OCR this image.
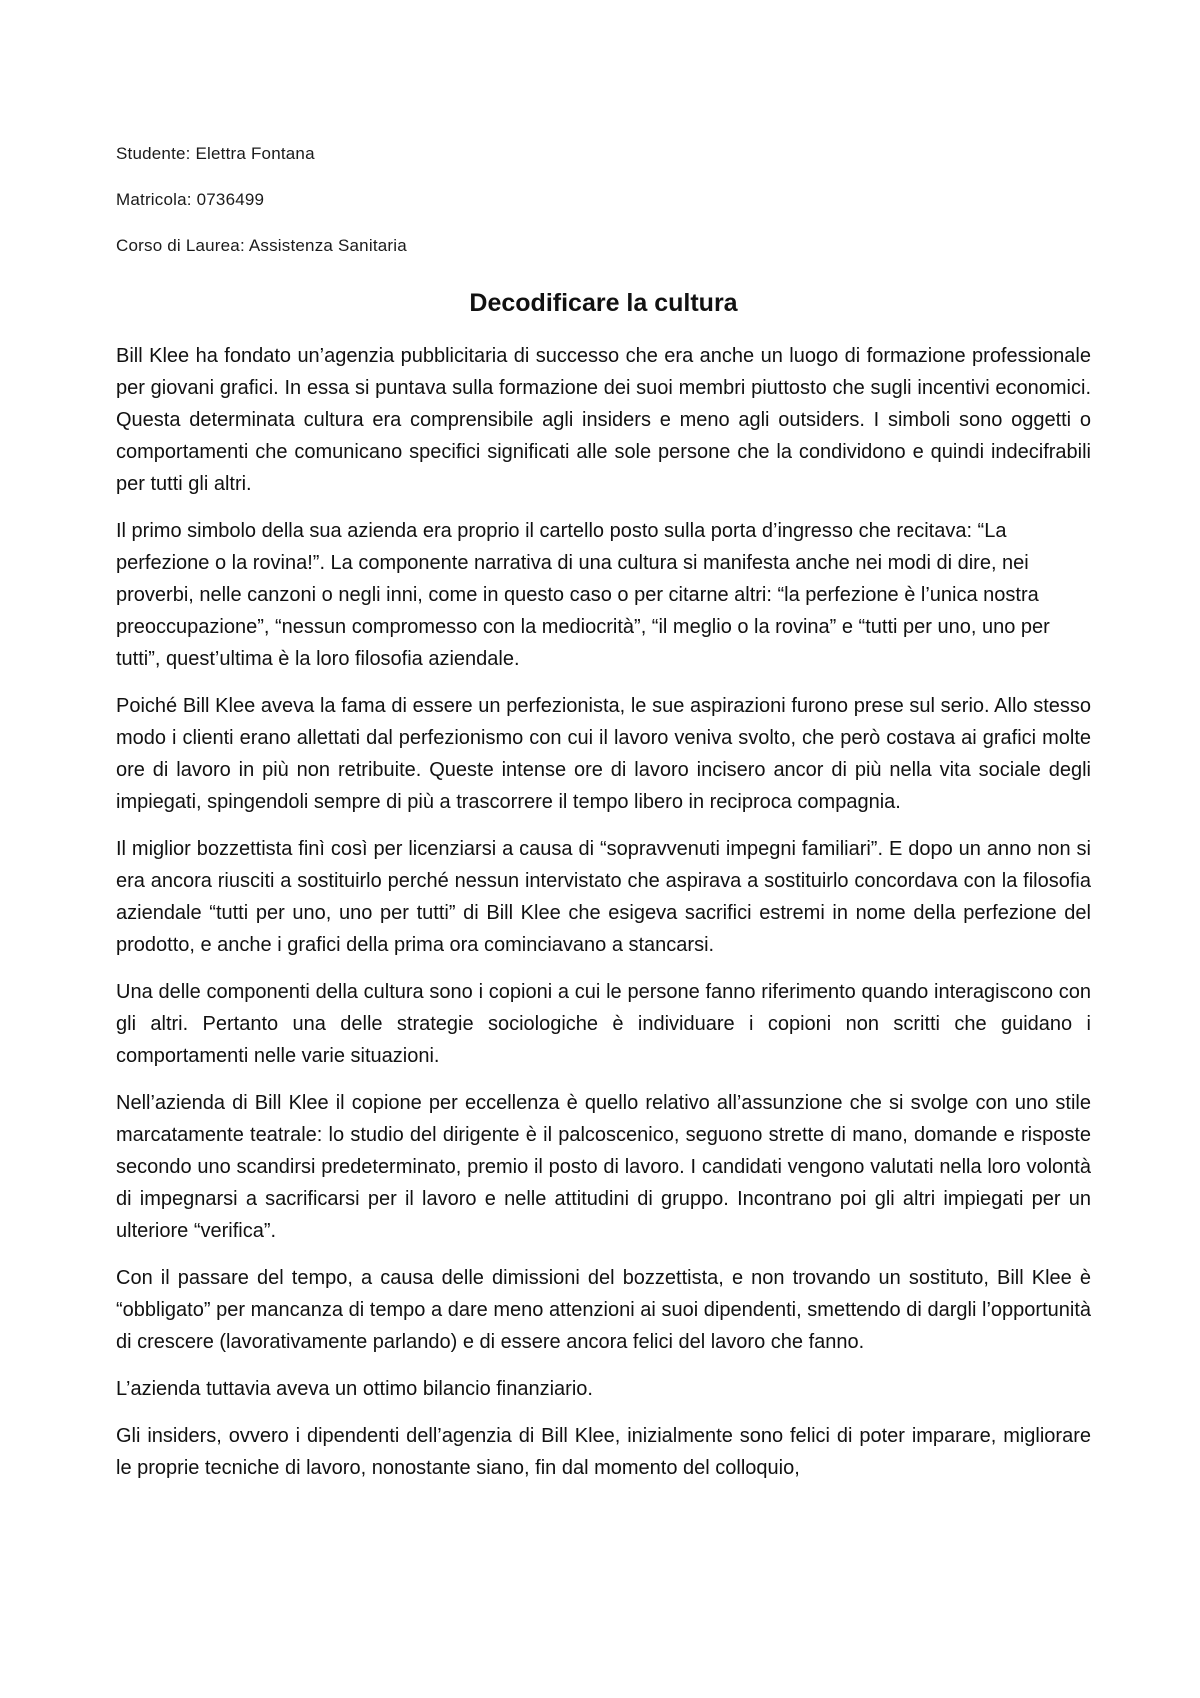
Studente: Elettra Fontana
Matricola: 0736499
Corso di Laurea: Assistenza Sanitaria
Decodificare la cultura

Bill Klee ha fondato un’agenzia pubblicitaria di successo che era anche un luogo di formazione professionale per giovani grafici. In essa si puntava sulla formazione dei suoi membri piuttosto che sugli incentivi economici. Questa determinata cultura era comprensibile agli insiders e meno agli outsiders. I simboli sono oggetti o comportamenti che comunicano specifici significati alle sole persone che la condividono e quindi indecifrabili per tutti gli altri.

Il primo simbolo della sua azienda era proprio il cartello posto sulla porta d’ingresso che recitava: “La perfezione o la rovina!”. La componente narrativa di una cultura si manifesta anche nei modi di dire, nei proverbi, nelle canzoni o negli inni, come in questo caso o per citarne altri: “la perfezione è l’unica nostra preoccupazione”, “nessun compromesso con la mediocrità”, “il meglio o la rovina” e “tutti per uno, uno per tutti”, quest’ultima è la loro filosofia aziendale.

Poiché Bill Klee aveva la fama di essere un perfezionista, le sue aspirazioni furono prese sul serio. Allo stesso modo i clienti erano allettati dal perfezionismo con cui il lavoro veniva svolto, che però costava ai grafici molte ore di lavoro in più non retribuite. Queste intense ore di lavoro incisero ancor di più nella vita sociale degli impiegati, spingendoli sempre di più a trascorrere il tempo libero in reciproca compagnia.

Il miglior bozzettista finì così per licenziarsi a causa di “sopravvenuti impegni familiari”. E dopo un anno non si era ancora riusciti a sostituirlo perché nessun intervistato che aspirava a sostituirlo concordava con la filosofia aziendale “tutti per uno, uno per tutti” di Bill Klee che esigeva sacrifici estremi in nome della perfezione del prodotto, e anche i grafici della prima ora cominciavano a stancarsi.

Una delle componenti della cultura sono i copioni a cui le persone fanno riferimento quando interagiscono con gli altri. Pertanto una delle strategie sociologiche è individuare i copioni non scritti che guidano i comportamenti nelle varie situazioni.

Nell’azienda di Bill Klee il copione per eccellenza è quello relativo all’assunzione che si svolge con uno stile marcatamente teatrale: lo studio del dirigente è il palcoscenico, seguono strette di mano, domande e risposte secondo uno scandirsi predeterminato, premio il posto di lavoro. I candidati vengono valutati nella loro volontà di impegnarsi a sacrificarsi per il lavoro e nelle attitudini di gruppo. Incontrano poi gli altri impiegati per un ulteriore “verifica”.

Con il passare del tempo, a causa delle dimissioni del bozzettista, e non trovando un sostituto, Bill Klee è “obbligato” per mancanza di tempo a dare meno attenzioni ai suoi dipendenti, smettendo di dargli l’opportunità di crescere (lavorativamente parlando) e di essere ancora felici del lavoro che fanno.

L’azienda tuttavia aveva un ottimo bilancio finanziario.

Gli insiders, ovvero i dipendenti dell’agenzia di Bill Klee, inizialmente sono felici di poter imparare, migliorare le proprie tecniche di lavoro, nonostante siano, fin dal momento del colloquio,
